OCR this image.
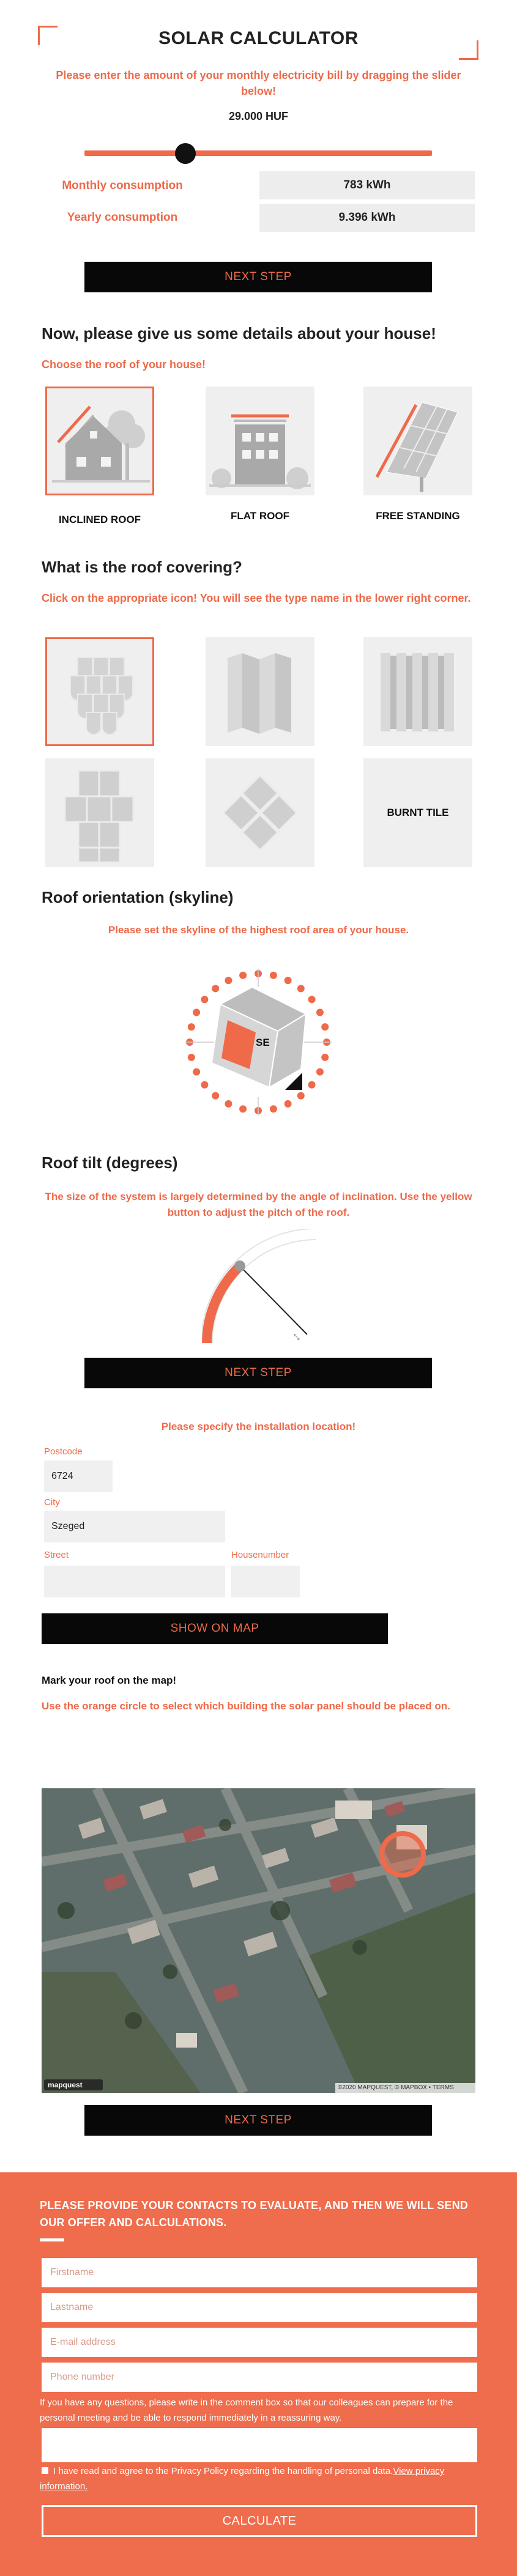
SOLAR CALCULATOR

Please enter the amount of your monthly electricity bill by dragging the slider below!

29.000 HUF
Monthly consumption	783 kWh
Yearly consumption	9.396 kWh
NEXT STEP
Now, please give us some details about your house!

Choose the roof of your house!

INCLINED ROOF	FLAT ROOF	FREE STANDING
What is the roof covering?

Click on the appropriate icon! You will see the type name in the lower right corner.

BURNT TILE
Roof orientation (skyline)

Please set the skyline of the highest roof area of your house.

SE
Roof tilt (degrees)

The size of the system is largely determined by the angle of inclination. Use the yellow button to adjust the pitch of the roof.

⤡
NEXT STEP

Please specify the installation location!

Postcode
6724
City
Szeged
Street	Housenumber
SHOW ON MAP

Mark your roof on the map!

Use the orange circle to select which building the solar panel should be placed on.

mapquest	©2020 MAPQUEST, © MAPBOX • TERMS
NEXT STEP

PLEASE PROVIDE YOUR CONTACTS TO EVALUATE, AND THEN WE WILL SEND OUR OFFER AND CALCULATIONS.

Firstname
Lastname
E-mail address
Phone number

If you have any questions, please write in the comment box so that our colleagues can prepare for the personal meeting and be able to respond immediately in a reassuring way.

I have read and agree to the Privacy Policy regarding the handling of personal data.View privacy information.

CALCULATE
